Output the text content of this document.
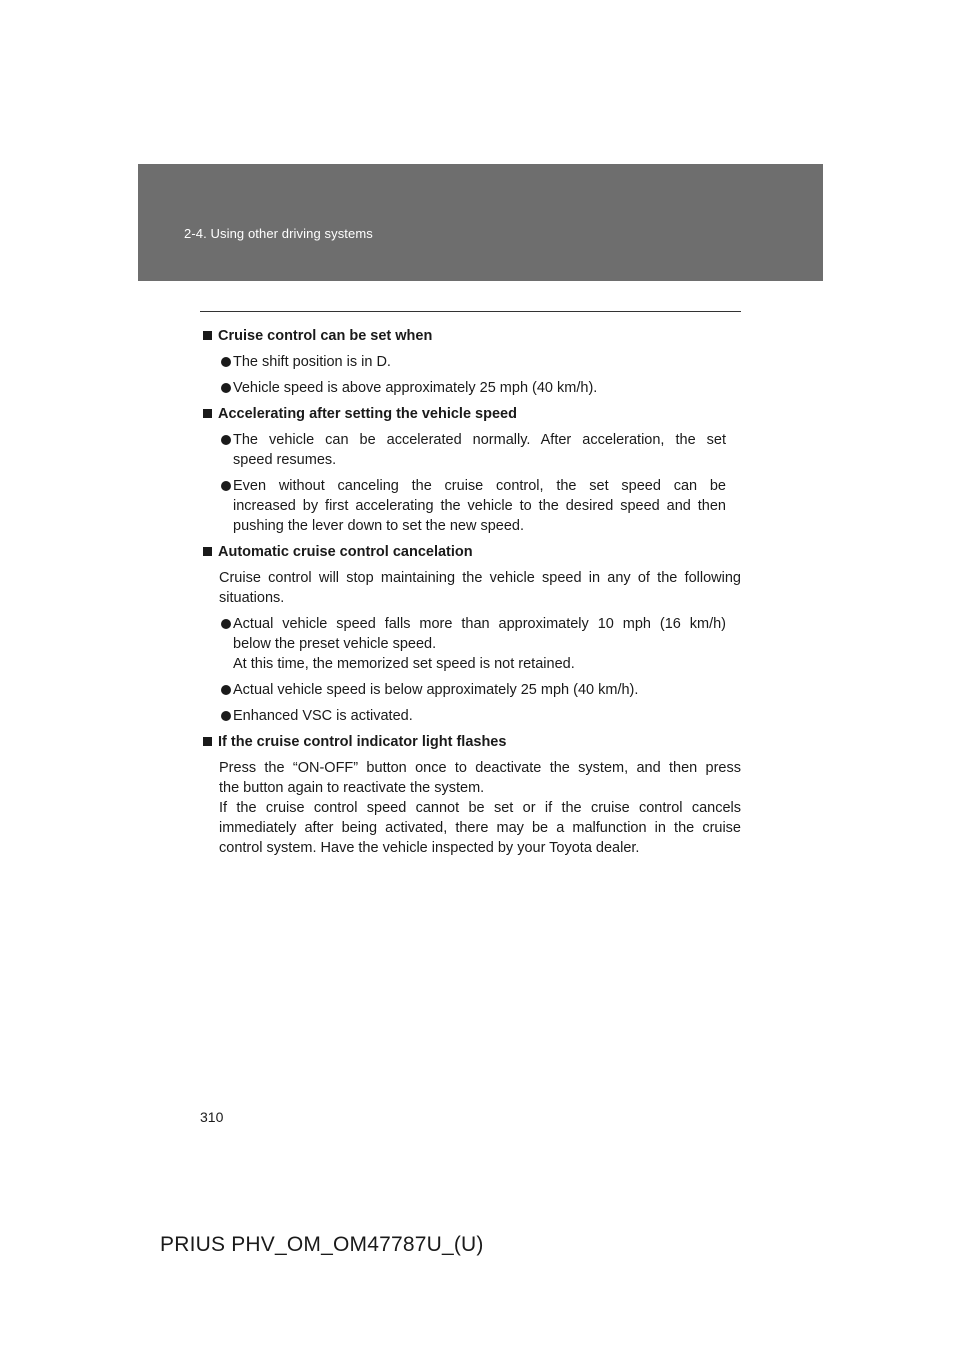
2-4. Using other driving systems
Cruise control can be set when
The shift position is in D.
Vehicle speed is above approximately 25 mph (40 km/h).
Accelerating after setting the vehicle speed
The vehicle can be accelerated normally. After acceleration, the set
speed resumes.
Even without canceling the cruise control, the set speed can be
increased by first accelerating the vehicle to the desired speed and then
pushing the lever down to set the new speed.
Automatic cruise control cancelation
Cruise control will stop maintaining the vehicle speed in any of the following
situations.
Actual vehicle speed falls more than approximately 10 mph (16 km/h)
below the preset vehicle speed.
At this time, the memorized set speed is not retained.
Actual vehicle speed is below approximately 25 mph (40 km/h).
Enhanced VSC is activated.
If the cruise control indicator light flashes
Press the “ON-OFF” button once to deactivate the system, and then press
the button again to reactivate the system.
If the cruise control speed cannot be set or if the cruise control cancels
immediately after being activated, there may be a malfunction in the cruise
control system. Have the vehicle inspected by your Toyota dealer.
310
PRIUS PHV_OM_OM47787U_(U)
